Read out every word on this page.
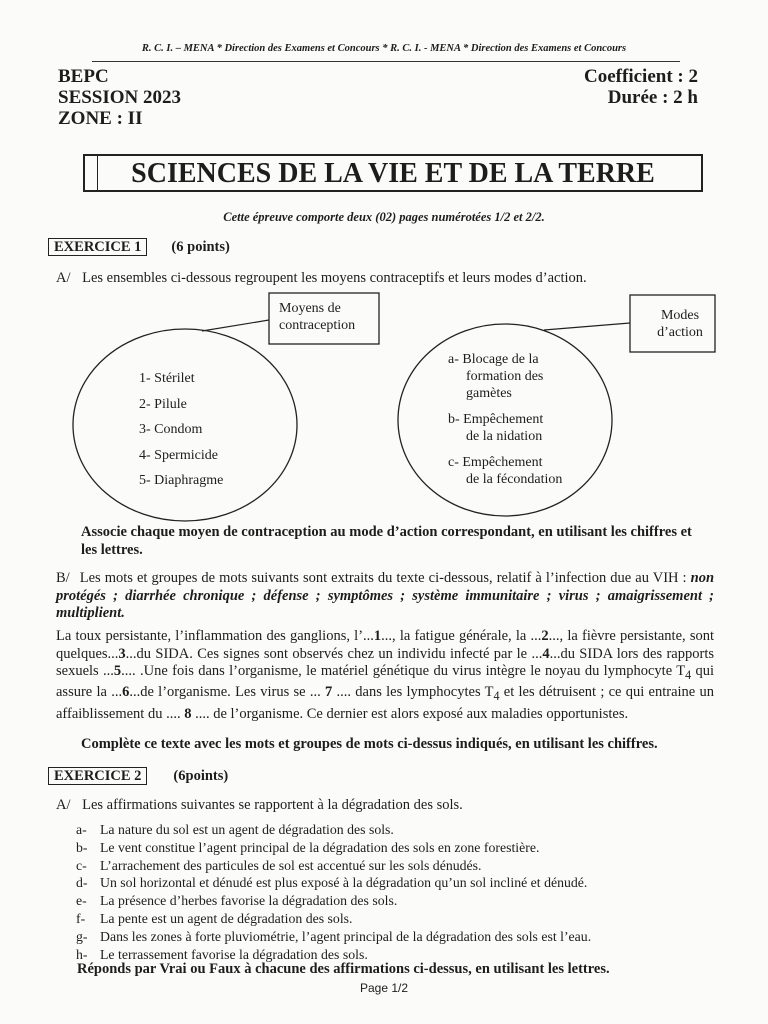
R. C. I. – MENA * Direction des Examens et Concours * R. C. I. - MENA * Direction des Examens et Concours
BEPC
SESSION 2023
ZONE : II
Coefficient : 2
Durée : 2 h
SCIENCES DE LA VIE ET DE LA TERRE
Cette épreuve comporte deux (02) pages numérotées 1/2 et 2/2.
EXERCICE 1 (6 points)
A/ Les ensembles ci-dessous regroupent les moyens contraceptifs et leurs modes d’action.
Moyens de
contraception
Modes
d’action
1- Stérilet
2- Pilule
3- Condom
4- Spermicide
5- Diaphragme
a- Blocage de la
formation des
gamètes
b- Empêchement
de la nidation
c- Empêchement
de la fécondation
Associe chaque moyen de contraception au mode d’action correspondant, en utilisant les chiffres et les lettres.
B/ Les mots et groupes de mots suivants sont extraits du texte ci-dessous, relatif à l’infection due au VIH : non protégés ; diarrhée chronique ; défense ; symptômes ; système immunitaire ; virus ; amaigrissement ; multiplient.
La toux persistante, l’inflammation des ganglions, l’...1..., la fatigue générale, la ...2..., la fièvre persistante, sont quelques...3...du SIDA. Ces signes sont observés chez un individu infecté par le ...4...du SIDA lors des rapports sexuels ...5.... .Une fois dans l’organisme, le matériel génétique du virus intègre le noyau du lymphocyte $T_4$ qui assure la ...6...de l’organisme. Les virus se ... 7 .... dans les lymphocytes $T_4$ et les détruisent ; ce qui entraine un affaiblissement du .... 8 .... de l’organisme. Ce dernier est alors exposé aux maladies opportunistes.
Complète ce texte avec les mots et groupes de mots ci-dessus indiqués, en utilisant les chiffres.
EXERCICE 2 (6points)
A/ Les affirmations suivantes se rapportent à la dégradation des sols.
a- La nature du sol est un agent de dégradation des sols.
b- Le vent constitue l’agent principal de la dégradation des sols en zone forestière.
c- L’arrachement des particules de sol est accentué sur les sols dénudés.
d- Un sol horizontal et dénudé est plus exposé à la dégradation qu’un sol incliné et dénudé.
e- La présence d’herbes favorise la dégradation des sols.
f- La pente est un agent de dégradation des sols.
g- Dans les zones à forte pluviométrie, l’agent principal de la dégradation des sols est l’eau.
h- Le terrassement favorise la dégradation des sols.
Réponds par Vrai ou Faux à chacune des affirmations ci-dessus, en utilisant les lettres.
Page 1/2
